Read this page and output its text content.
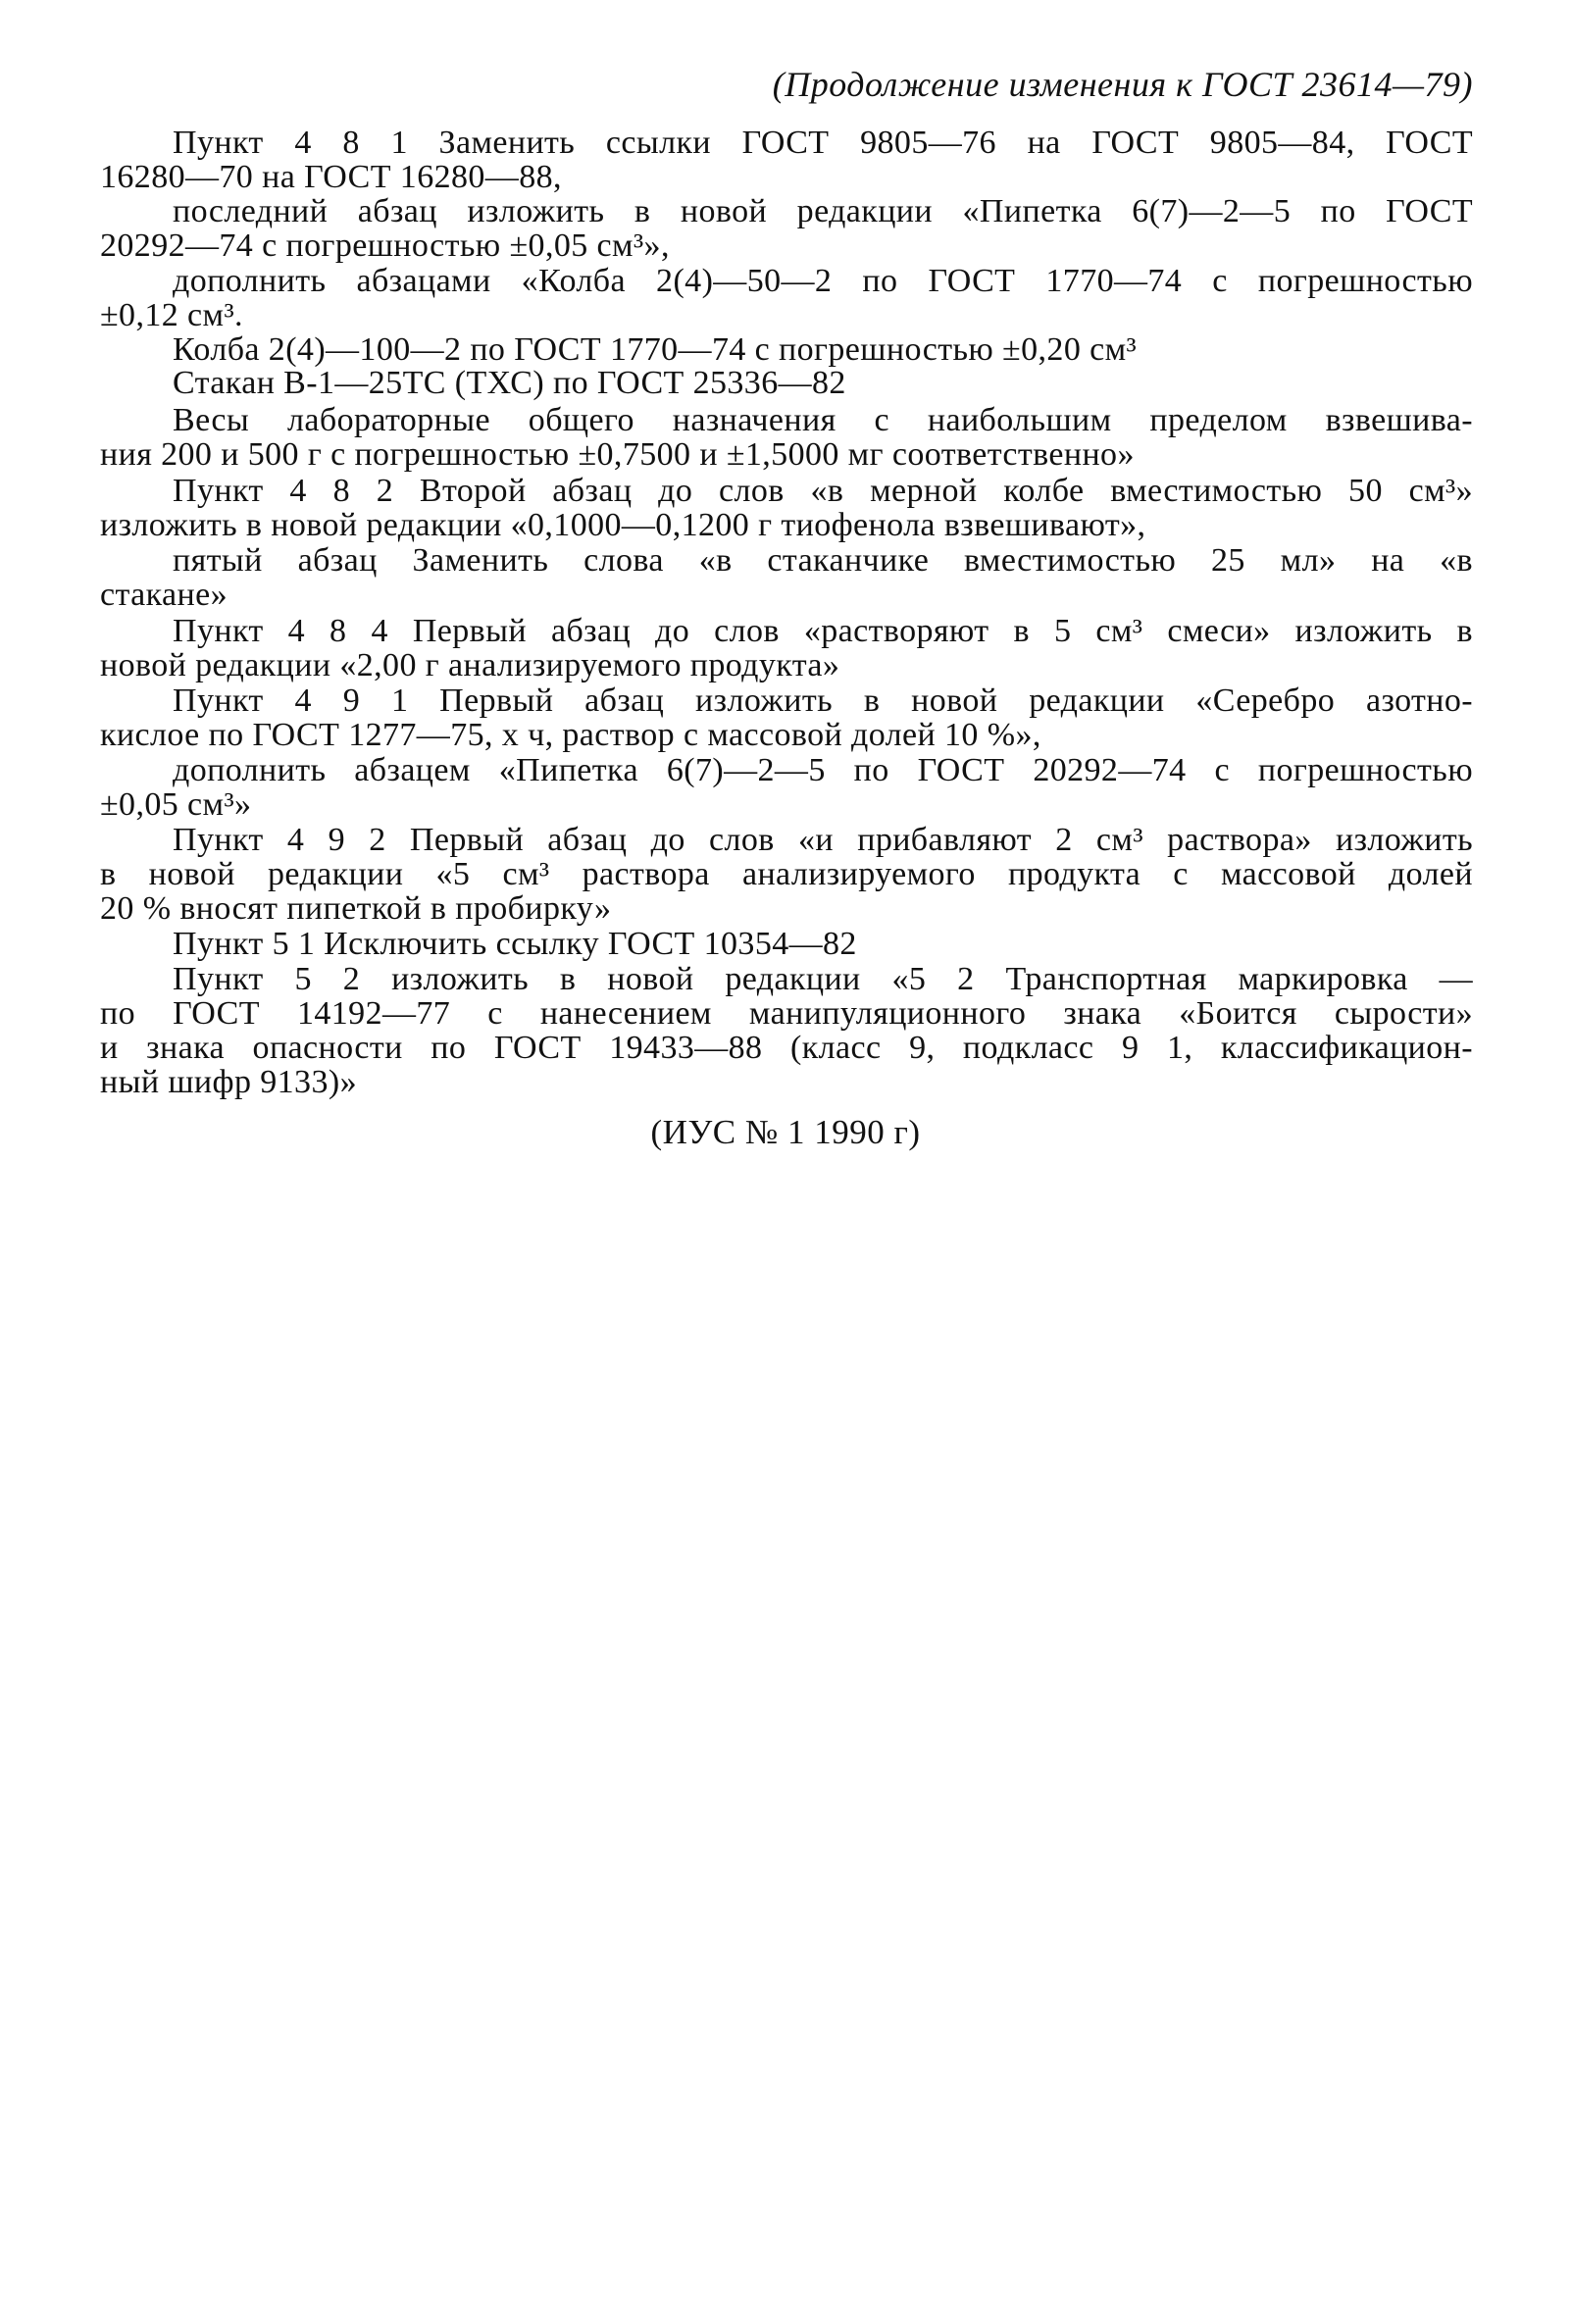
(Продолжение изменения к ГОСТ 23614—79)
Пункт 4 8 1 Заменить ссылки ГОСТ 9805—76 на ГОСТ 9805—84, ГОСТ
16280—70 на ГОСТ 16280—88,
последний абзац изложить в новой редакции «Пипетка 6(7)—2—5 по ГОСТ
20292—74 с погрешностью ±0,05 см³»,
дополнить абзацами «Колба 2(4)—50—2 по ГОСТ 1770—74 с погрешностью
±0,12 см³.
Колба 2(4)—100—2 по ГОСТ 1770—74 с погрешностью ±0,20 см³
Стакан В-1—25ТС (ТХС) по ГОСТ 25336—82
Весы лабораторные общего назначения с наибольшим пределом взвешива-
ния 200 и 500 г с погрешностью ±0,7500 и ±1,5000 мг соответственно»
Пункт 4 8 2 Второй абзац до слов «в мерной колбе вместимостью 50 см³»
изложить в новой редакции «0,1000—0,1200 г тиофенола взвешивают»,
пятый абзац Заменить слова «в стаканчике вместимостью 25 мл» на «в
стакане»
Пункт 4 8 4 Первый абзац до слов «растворяют в 5 см³ смеси» изложить в
новой редакции «2,00 г анализируемого продукта»
Пункт 4 9 1 Первый абзац изложить в новой редакции «Серебро азотно-
кислое по ГОСТ 1277—75, х ч, раствор с массовой долей 10 %»,
дополнить абзацем «Пипетка 6(7)—2—5 по ГОСТ 20292—74 с погрешностью
±0,05 см³»
Пункт 4 9 2 Первый абзац до слов «и прибавляют 2 см³ раствора» изложить
в новой редакции «5 см³ раствора анализируемого продукта с массовой долей
20 % вносят пипеткой в пробирку»
Пункт 5 1 Исключить ссылку ГОСТ 10354—82
Пункт 5 2 изложить в новой редакции «5 2 Транспортная маркировка —
по ГОСТ 14192—77 с нанесением манипуляционного знака «Боится сырости»
и знака опасности по ГОСТ 19433—88 (класс 9, подкласс 9 1, классификацион-
ный шифр 9133)»
(ИУС № 1 1990 г)
